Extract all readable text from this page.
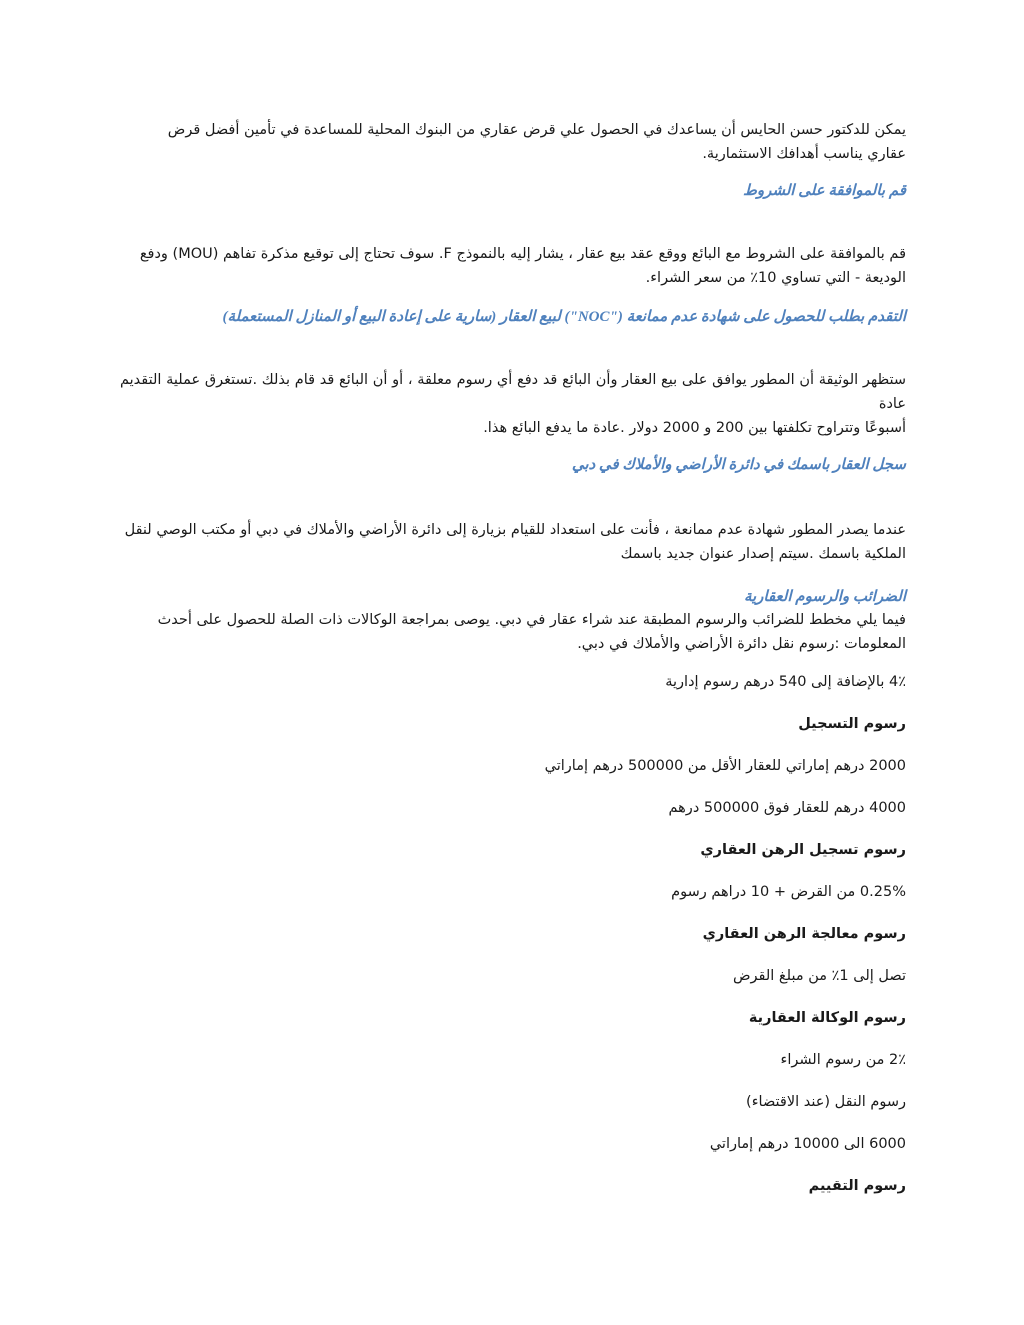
يمكن للدكتور حسن الحايس أن يساعدك في الحصول علي قرض عقاري من البنوك المحلية للمساعدة في تأمين أفضل قرض

عقاري يناسب أهدافك الاستثمارية.

قم بالموافقة على الشروط

قم بالموافقة على الشروط مع البائع ووقع عقد بيع عقار ، يشار إليه بالنموذج F. سوف تحتاج إلى توقيع مذكرة تفاهم (MOU) ودفع

الوديعة - التي تساوي 10٪ من سعر الشراء.

التقدم بطلب للحصول على شهادة عدم ممانعة ("NOC") لبيع العقار (سارية على إعادة البيع أو المنازل المستعملة)

ستظهر الوثيقة أن المطور يوافق على بيع العقار وأن البائع قد دفع أي رسوم معلقة ، أو أن البائع قد قام بذلك .تستغرق عملية التقديم عادة

أسبوعًا وتتراوح تكلفتها بين 200 و 2000 دولار .عادة ما يدفع البائع هذا.

سجل العقار باسمك في دائرة الأراضي والأملاك في دبي

عندما يصدر المطور شهادة عدم ممانعة ، فأنت على استعداد للقيام بزيارة إلى دائرة الأراضي والأملاك في دبي أو مكتب الوصي لنقل

الملكية باسمك .سيتم إصدار عنوان جديد باسمك

الضرائب والرسوم العقارية

فيما يلي مخطط للضرائب والرسوم المطبقة عند شراء عقار في دبي. يوصى بمراجعة الوكالات ذات الصلة للحصول على أحدث

المعلومات :رسوم نقل دائرة الأراضي والأملاك في دبي.

4٪ بالإضافة إلى 540 درهم رسوم إدارية

رسوم التسجيل

2000 درهم إماراتي للعقار الأقل من 500000 درهم إماراتي

4000 درهم للعقار فوق 500000 درهم

رسوم تسجيل الرهن العقاري

0.25% من القرض + 10 دراهم رسوم

رسوم معالجة الرهن العقاري

تصل إلى 1٪ من مبلغ القرض

رسوم الوكالة العقارية

2٪ من رسوم الشراء

رسوم النقل (عند الاقتضاء)

6000 الى 10000 درهم إماراتي

رسوم التقييم
